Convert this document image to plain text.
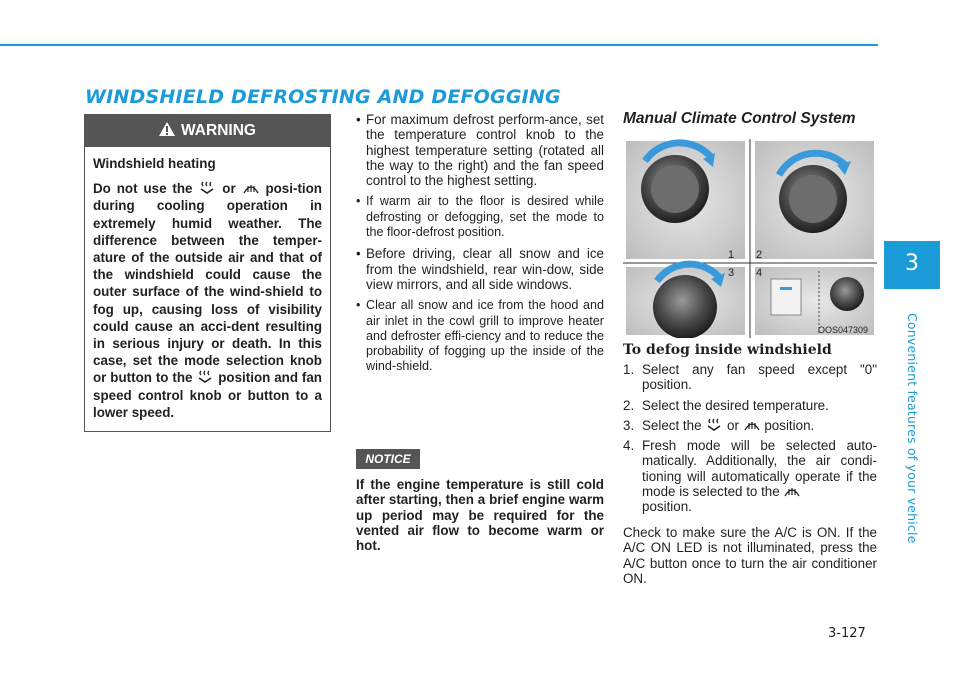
WINDSHIELD DEFROSTING AND DEFOGGING
3
Convenient features of your vehicle
WARNING
Windshield heating
Do not use the  or  posi-tion during cooling operation in extremely humid weather. The difference between the temper-ature of the outside air and that of the windshield could cause the outer surface of the wind-shield to fog up, causing loss of visibility could cause an acci-dent resulting in serious injury or death. In this case, set the mode selection knob or button to the  position and fan speed control knob or button to a lower speed.
• For maximum defrost perform-ance, set the temperature control knob to the highest temperature setting (rotated all the way to the right) and the fan speed control to the highest setting.
• If warm air to the floor is desired while defrosting or defogging, set the mode to the floor-defrost position.
• Before driving, clear all snow and ice from the windshield, rear win-dow, side view mirrors, and all side windows.
• Clear all snow and ice from the hood and air inlet in the cowl grill to improve heater and defroster effi-ciency and to reduce the probability of fogging up the inside of the wind-shield.
NOTICE
If the engine temperature is still cold after starting, then a brief engine warm up period may be required for the vented air flow to become warm or hot.
Manual Climate Control System
1 2
3 4
OOS047309
To defog inside windshield
1. Select any fan speed except "0" position.
2. Select the desired temperature.
3. Select the  or  position.
4. Fresh mode will be selected auto-matically. Additionally, the air condi-tioning will automatically operate if the mode is selected to the
position.
Check to make sure the A/C is ON. If the A/C ON LED is not illuminated, press the A/C button once to turn the air conditioner ON.
3-127
